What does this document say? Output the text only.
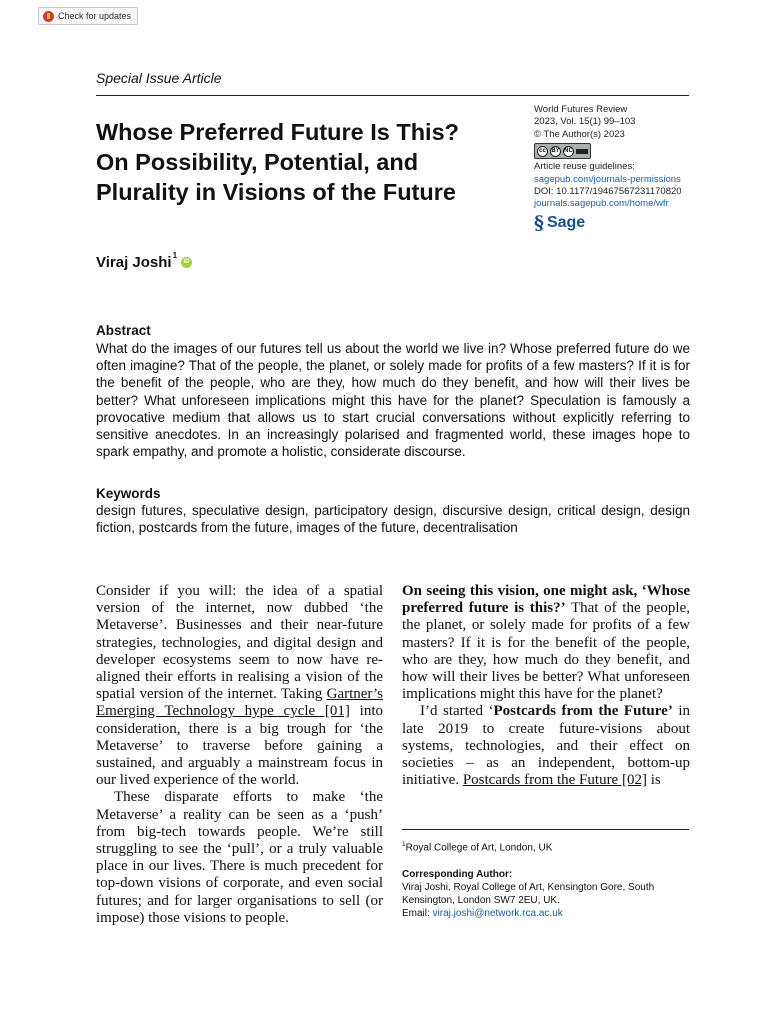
Check for updates
Special Issue Article
Whose Preferred Future Is This?
On Possibility, Potential, and
Plurality in Visions of the Future
World Futures Review
2023, Vol. 15(1) 99–103
© The Author(s) 2023
cc BY NC
Article reuse guidelines:
sagepub.com/journals-permissions
DOI: 10.1177/19467567231170820
journals.sagepub.com/home/wfr
§ Sage
Viraj Joshi$^1$
iD
Abstract

What do the images of our futures tell us about the world we live in? Whose preferred future do we often imagine? That of the people, the planet, or solely made for profits of a few masters? If it is for the benefit of the people, who are they, how much do they benefit, and how will their lives be better? What unforeseen implications might this have for the planet? Speculation is famously a provocative medium that allows us to start crucial conversations without explicitly referring to sensitive anecdotes. In an increasingly polarised and fragmented world, these images hope to spark empathy, and promote a holistic, considerate discourse.

Keywords

design futures, speculative design, participatory design, discursive design, critical design, design fiction, postcards from the future, images of the future, decentralisation

Consider if you will: the idea of a spatial version of the internet, now dubbed ‘the Metaverse’. Businesses and their near-future strategies, technologies, and digital design and developer ecosystems seem to now have re-aligned their efforts in realising a vision of the spatial version of the internet. Taking Gartner’s Emerging Technology hype cycle [01] into consideration, there is a big trough for ‘the Metaverse’ to traverse before gaining a sustained, and arguably a mainstream focus in our lived experience of the world.

These disparate efforts to make ‘the Metaverse’ a reality can be seen as a ‘push’ from big-tech towards people. We’re still struggling to see the ‘pull’, or a truly valuable place in our lives. There is much precedent for top-down visions of corporate, and even social futures; and for larger organisations to sell (or impose) those visions to people.

On seeing this vision, one might ask, ‘Whose preferred future is this?’ That of the people, the planet, or solely made for profits of a few masters? If it is for the benefit of the people, who are they, how much do they benefit, and how will their lives be better? What unforeseen implications might this have for the planet?

I’d started ‘Postcards from the Future’ in late 2019 to create future-visions about systems, technologies, and their effect on societies – as an independent, bottom-up initiative. Postcards from the Future [02] is

$^1$Royal College of Art, London, UK

Corresponding Author:

Viraj Joshi, Royal College of Art, Kensington Gore, South

Kensington, London SW7 2EU, UK.

Email: viraj.joshi@network.rca.ac.uk
